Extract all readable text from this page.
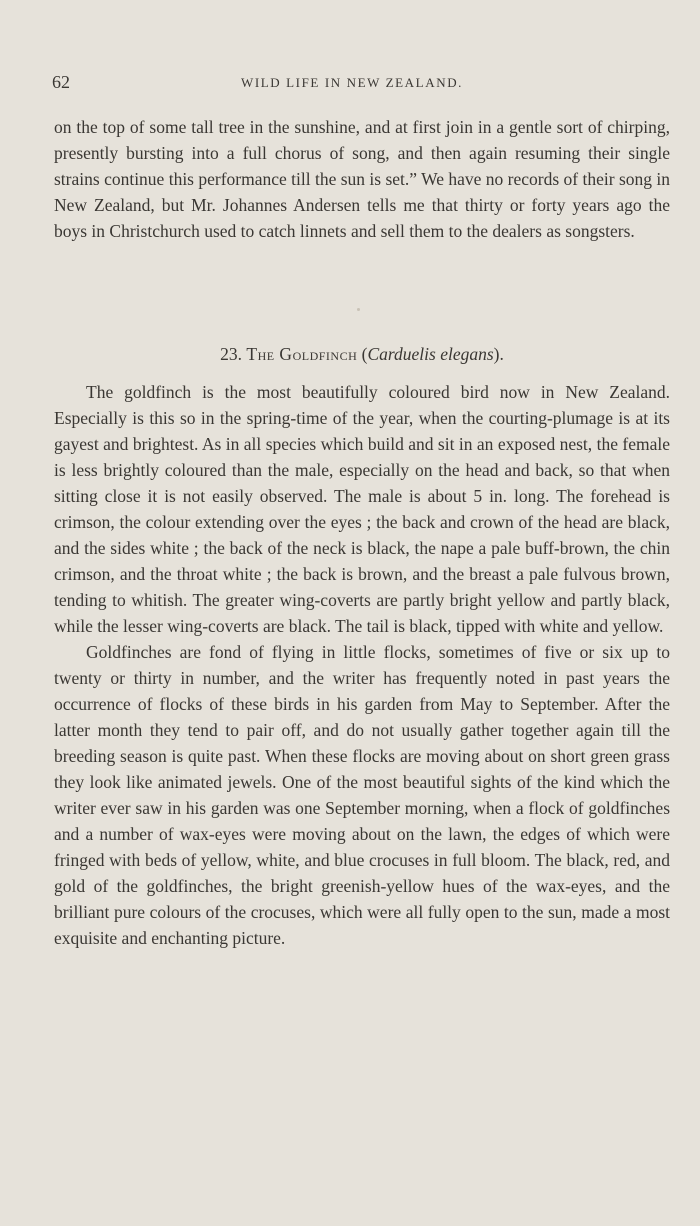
62	WILD LIFE IN NEW ZEALAND.

on the top of some tall tree in the sunshine, and at first join in a gentle sort of chirping, presently bursting into a full chorus of song, and then again resuming their single strains continue this performance till the sun is set.” We have no records of their song in New Zealand, but Mr. Johannes Andersen tells me that thirty or forty years ago the boys in Christchurch used to catch linnets and sell them to the dealers as songsters.

23. The Goldfinch (Carduelis elegans).

The goldfinch is the most beautifully coloured bird now in New Zealand. Especially is this so in the spring-time of the year, when the courting-plumage is at its gayest and brightest. As in all species which build and sit in an exposed nest, the female is less brightly coloured than the male, especially on the head and back, so that when sitting close it is not easily observed. The male is about 5 in. long. The forehead is crimson, the colour extending over the eyes ; the back and crown of the head are black, and the sides white ; the back of the neck is black, the nape a pale buff-brown, the chin crimson, and the throat white ; the back is brown, and the breast a pale fulvous brown, tending to whitish. The greater wing-coverts are partly bright yellow and partly black, while the lesser wing-coverts are black. The tail is black, tipped with white and yellow.

Goldfinches are fond of flying in little flocks, sometimes of five or six up to twenty or thirty in number, and the writer has frequently noted in past years the occurrence of flocks of these birds in his garden from May to September. After the latter month they tend to pair off, and do not usually gather together again till the breeding season is quite past. When these flocks are moving about on short green grass they look like animated jewels. One of the most beautiful sights of the kind which the writer ever saw in his garden was one September morning, when a flock of goldfinches and a number of wax-eyes were moving about on the lawn, the edges of which were fringed with beds of yellow, white, and blue crocuses in full bloom. The black, red, and gold of the goldfinches, the bright greenish-yellow hues of the wax-eyes, and the brilliant pure colours of the crocuses, which were all fully open to the sun, made a most exquisite and enchanting picture.
